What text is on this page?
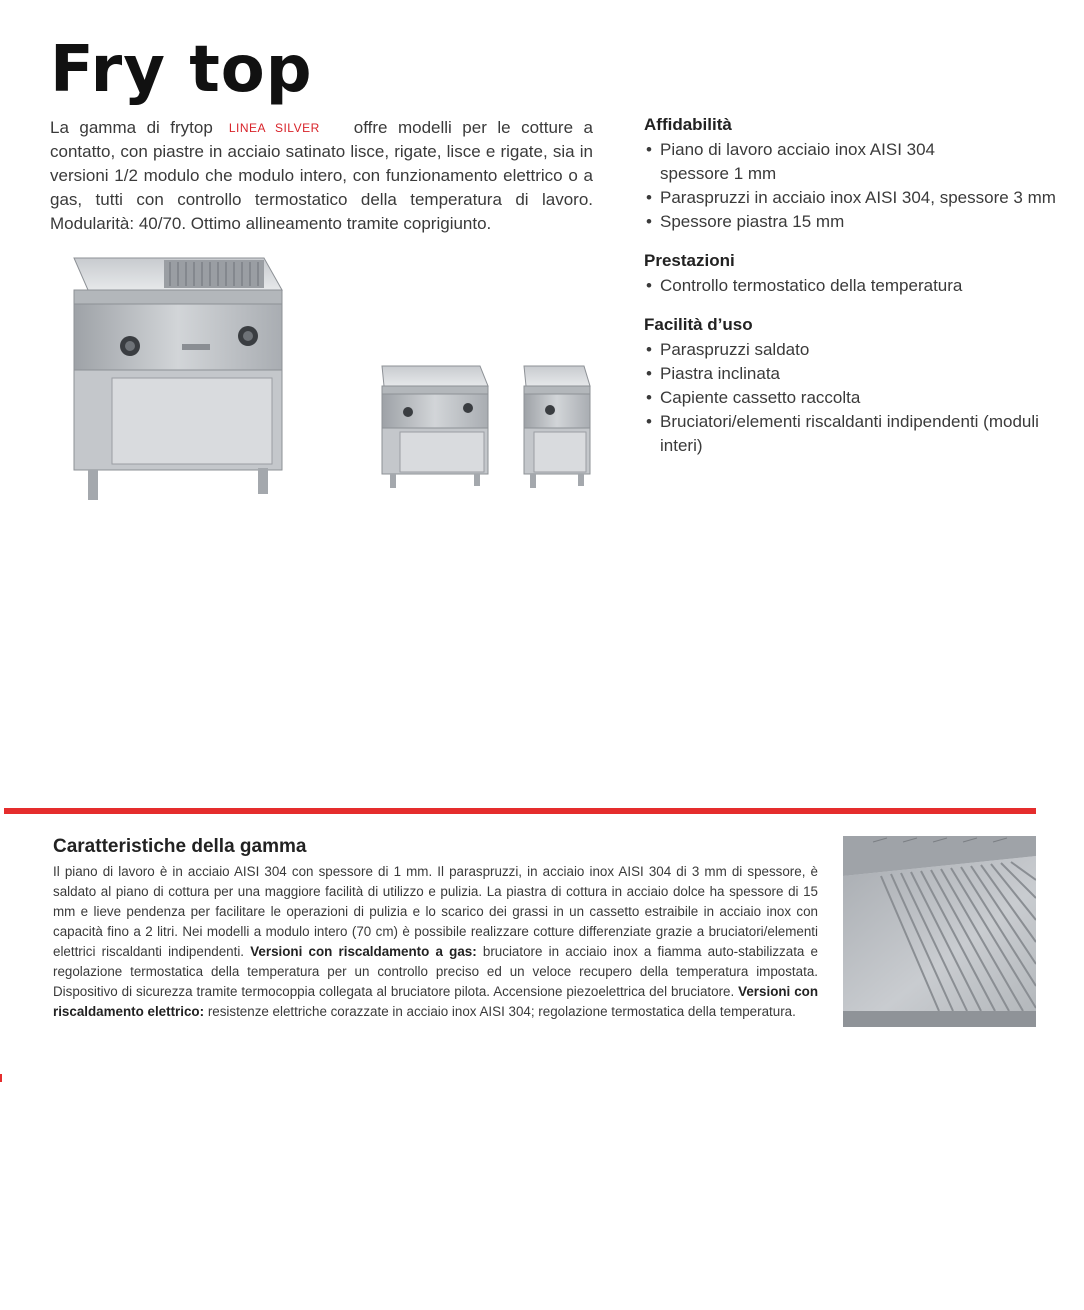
Fry top

La gamma di frytop LINEA SILVER offre modelli per le cotture a contatto, con piastre in acciaio satinato lisce, rigate, lisce e rigate, sia in versioni 1/2 modulo che modulo intero, con funzionamento elettrico o a gas, tutti con controllo termostatico della temperatura di lavoro. Modularità: 40/70. Ottimo allineamento tramite coprigiunto.

Affidabilità
• Piano di lavoro acciaio inox AISI 304
spessore 1 mm
• Paraspruzzi in acciaio inox AISI 304, spessore 3 mm
• Spessore piastra 15 mm
Prestazioni
• Controllo termostatico della temperatura
Facilità d’uso
• Paraspruzzi saldato
• Piastra inclinata
• Capiente cassetto raccolta
• Bruciatori/elementi riscaldanti indipendenti (moduli interi)
Caratteristiche della gamma

Il piano di lavoro è in acciaio AISI 304 con spessore di 1 mm. Il paraspruzzi, in acciaio inox AISI 304 di 3 mm di spessore, è saldato al piano di cottura per una maggiore facilità di utilizzo e pulizia. La piastra di cottura in acciaio dolce ha spessore di 15 mm e lieve pendenza per facilitare le operazioni di pulizia e lo scarico dei grassi in un cassetto estraibile in acciaio inox con capacità fino a 2 litri. Nei modelli a modulo intero (70 cm) è possibile realizzare cotture differenziate grazie a bruciatori/elementi elettrici riscaldanti indipendenti. Versioni con riscaldamento a gas: bruciatore in acciaio inox a fiamma auto-stabilizzata e regolazione termostatica della temperatura per un controllo preciso ed un veloce recupero della temperatura impostata. Dispositivo di sicurezza tramite termocoppia collegata al bruciatore pilota. Accensione piezoelettrica del bruciatore. Versioni con riscaldamento elettrico: resistenze elettriche corazzate in acciaio inox AISI 304; regolazione termostatica della temperatura.
